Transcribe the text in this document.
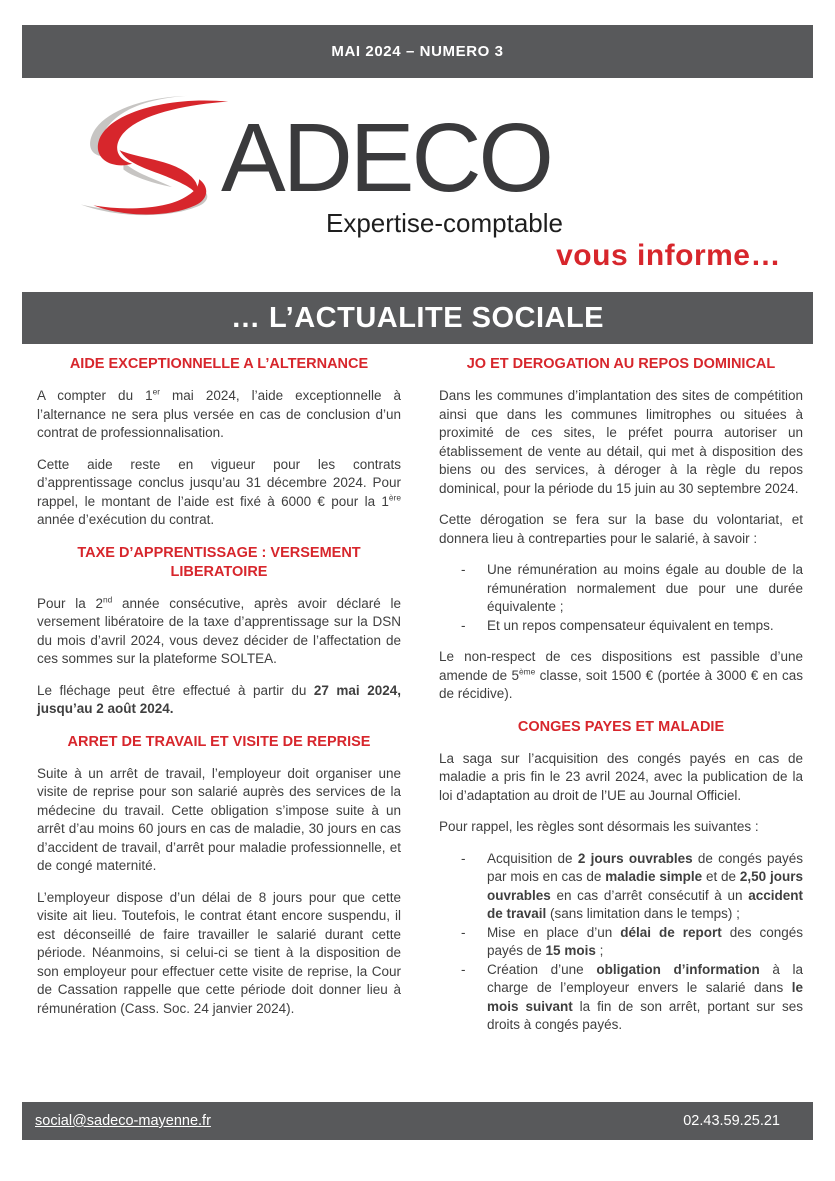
MAI 2024 – NUMERO 3
ADECO
Expertise-comptable
vous informe…
… L’ACTUALITE SOCIALE
AIDE EXCEPTIONNELLE A L’ALTERNANCE

A compter du 1er mai 2024, l’aide exceptionnelle à l’alternance ne sera plus versée en cas de conclusion d’un contrat de professionnalisation.

Cette aide reste en vigueur pour les contrats d’apprentissage conclus jusqu’au 31 décembre 2024. Pour rappel, le montant de l’aide est fixé à 6000 € pour la 1ère année d’exécution du contrat.

TAXE D’APPRENTISSAGE : VERSEMENT LIBERATOIRE

Pour la 2nd année consécutive, après avoir déclaré le versement libératoire de la taxe d’apprentissage sur la DSN du mois d’avril 2024, vous devez décider de l’affectation de ces sommes sur la plateforme SOLTEA.

Le fléchage peut être effectué à partir du 27 mai 2024, jusqu’au 2 août 2024.

ARRET DE TRAVAIL ET VISITE DE REPRISE

Suite à un arrêt de travail, l’employeur doit organiser une visite de reprise pour son salarié auprès des services de la médecine du travail. Cette obligation s’impose suite à un arrêt d’au moins 60 jours en cas de maladie, 30 jours en cas d’accident de travail, d’arrêt pour maladie professionnelle, et de congé maternité.

L’employeur dispose d’un délai de 8 jours pour que cette visite ait lieu. Toutefois, le contrat étant encore suspendu, il est déconseillé de faire travailler le salarié durant cette période. Néanmoins, si celui-ci se tient à la disposition de son employeur pour effectuer cette visite de reprise, la Cour de Cassation rappelle que cette période doit donner lieu à rémunération (Cass. Soc. 24 janvier 2024).

JO ET DEROGATION AU REPOS DOMINICAL

Dans les communes d’implantation des sites de compétition ainsi que dans les communes limitrophes ou situées à proximité de ces sites, le préfet pourra autoriser un établissement de vente au détail, qui met à disposition des biens ou des services, à déroger à la règle du repos dominical, pour la période du 15 juin au 30 septembre 2024.

Cette dérogation se fera sur la base du volontariat, et donnera lieu à contreparties pour le salarié, à savoir :

- Une rémunération au moins égale au double de la rémunération normalement due pour une durée équivalente ;
- Et un repos compensateur équivalent en temps.

Le non-respect de ces dispositions est passible d’une amende de 5ème classe, soit 1500 € (portée à 3000 € en cas de récidive).

CONGES PAYES ET MALADIE

La saga sur l’acquisition des congés payés en cas de maladie a pris fin le 23 avril 2024, avec la publication de la loi d’adaptation au droit de l’UE au Journal Officiel.

Pour rappel, les règles sont désormais les suivantes :

- Acquisition de 2 jours ouvrables de congés payés par mois en cas de maladie simple et de 2,50 jours ouvrables en cas d’arrêt consécutif à un accident de travail (sans limitation dans le temps) ;
- Mise en place d’un délai de report des congés payés de 15 mois ;
- Création d’une obligation d’information à la charge de l’employeur envers le salarié dans le mois suivant la fin de son arrêt, portant sur ses droits à congés payés.
social@sadeco-mayenne.fr	02.43.59.25.21
